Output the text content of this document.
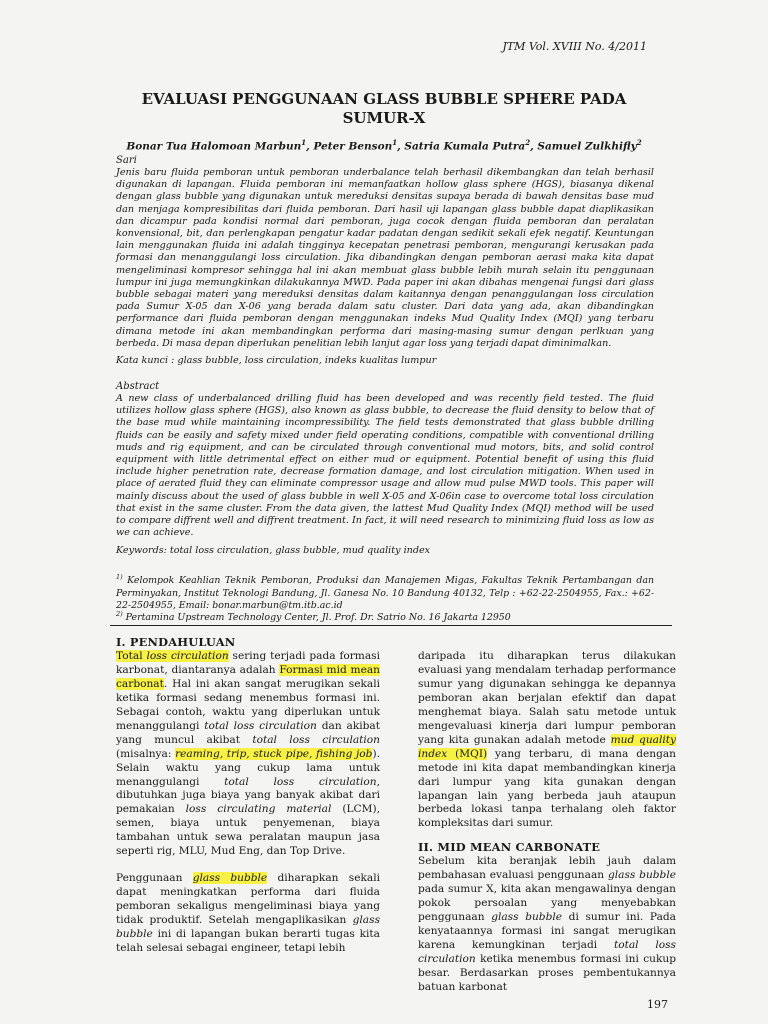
JTM Vol. XVIII No. 4/2011
EVALUASI PENGGUNAAN GLASS BUBBLE SPHERE PADA SUMUR-X
Bonar Tua Halomoan Marbun$^1$, Peter Benson$^1$, Satria Kumala Putra$^2$, Samuel Zulkhifly$^2$
Sari
Jenis baru fluida pemboran untuk pemboran underbalance telah berhasil dikembangkan dan telah berhasil digunakan di lapangan. Fluida pemboran ini memanfaatkan hollow glass sphere (HGS), biasanya dikenal dengan glass bubble yang digunakan untuk mereduksi densitas supaya berada di bawah densitas base mud dan menjaga kompresibilitas dari fluida pemboran. Dari hasil uji lapangan glass bubble dapat diaplikasikan dan dicampur pada kondisi normal dari pemboran, juga cocok dengan fluida pemboran dan peralatan konvensional, bit, dan perlengkapan pengatur kadar padatan dengan sedikit sekali efek negatif. Keuntungan lain menggunakan fluida ini adalah tingginya kecepatan penetrasi pemboran, mengurangi kerusakan pada formasi dan menanggulangi loss circulation. Jika dibandingkan dengan pemboran aerasi maka kita dapat mengeliminasi kompresor sehingga hal ini akan membuat glass bubble lebih murah selain itu penggunaan lumpur ini juga memungkinkan dilakukannya MWD. Pada paper ini akan dibahas mengenai fungsi dari glass bubble sebagai materi yang mereduksi densitas dalam kaitannya dengan penanggulangan loss circulation pada Sumur X-05 dan X-06 yang berada dalam satu cluster. Dari data yang ada, akan dibandingkan performance dari fluida pemboran dengan menggunakan indeks Mud Quality Index (MQI) yang terbaru dimana metode ini akan membandingkan performa dari masing-masing sumur dengan perlkuan yang berbeda. Di masa depan diperlukan penelitian lebih lanjut agar loss yang terjadi dapat diminimalkan.
Kata kunci : glass bubble, loss circulation, indeks kualitas lumpur
Abstract
A new class of underbalanced drilling fluid has been developed and was recently field tested. The fluid utilizes hollow glass sphere (HGS), also known as glass bubble, to decrease the fluid density to below that of the base mud while maintaining incompressibility. The field tests demonstrated that glass bubble drilling fluids can be easily and safety mixed under field operating conditions, compatible with conventional drilling muds and rig equipment, and can be circulated through conventional mud motors, bits, and solid control equipment with little detrimental effect on either mud or equipment. Potential benefit of using this fluid include higher penetration rate, decrease formation damage, and lost circulation mitigation. When used in place of aerated fluid they can eliminate compressor usage and allow mud pulse MWD tools. This paper will mainly discuss about the used of glass bubble in well X-05 and X-06in case to overcome total loss circulation that exist in the same cluster. From the data given, the lattest Mud Quality Index (MQI) method will be used to compare diffrent well and diffrent treatment. In fact, it will need research to minimizing fluid loss as low as we can achieve.
Keywords: total loss circulation, glass bubble, mud quality index
$^{1)}$ Kelompok Keahlian Teknik Pemboran, Produksi dan Manajemen Migas, Fakultas Teknik Pertambangan dan Perminyakan, Institut Teknologi Bandung, Jl. Ganesa No. 10 Bandung 40132, Telp : +62-22-2504955, Fax.: +62-22-2504955, Email: bonar.marbun@tm.itb.ac.id
$^{2)}$ Pertamina Upstream Technology Center, Jl. Prof. Dr. Satrio No. 16 Jakarta 12950
I. PENDAHULUAN
Total loss circulation sering terjadi pada formasi karbonat, diantaranya adalah Formasi mid mean carbonat. Hal ini akan sangat merugikan sekali ketika formasi sedang menembus formasi ini. Sebagai contoh, waktu yang diperlukan untuk menanggulangi total loss circulation dan akibat yang muncul akibat total loss circulation (misalnya: reaming, trip, stuck pipe, fishing job). Selain waktu yang cukup lama untuk menanggulangi total loss circulation, dibutuhkan juga biaya yang banyak akibat dari pemakaian loss circulating material (LCM), semen, biaya untuk penyemenan, biaya tambahan untuk sewa peralatan maupun jasa seperti rig, MLU, Mud Eng, dan Top Drive.
Penggunaan glass bubble diharapkan sekali dapat meningkatkan performa dari fluida pemboran sekaligus mengeliminasi biaya yang tidak produktif. Setelah mengaplikasikan glass bubble ini di lapangan bukan berarti tugas kita telah selesai sebagai engineer, tetapi lebih
daripada itu diharapkan terus dilakukan evaluasi yang mendalam terhadap performance sumur yang digunakan sehingga ke depannya pemboran akan berjalan efektif dan dapat menghemat biaya. Salah satu metode untuk mengevaluasi kinerja dari lumpur pemboran yang kita gunakan adalah metode mud quality index (MQI) yang terbaru, di mana dengan metode ini kita dapat membandingkan kinerja dari lumpur yang kita gunakan dengan lapangan lain yang berbeda jauh ataupun berbeda lokasi tanpa terhalang oleh faktor kompleksitas dari sumur.
II. MID MEAN CARBONATE
Sebelum kita beranjak lebih jauh dalam pembahasan evaluasi penggunaan glass bubble pada sumur X, kita akan mengawalinya dengan pokok persoalan yang menyebabkan penggunaan glass bubble di sumur ini. Pada kenyataannya formasi ini sangat merugikan karena kemungkinan terjadi total loss circulation ketika menembus formasi ini cukup besar. Berdasarkan proses pembentukannya batuan karbonat
197
